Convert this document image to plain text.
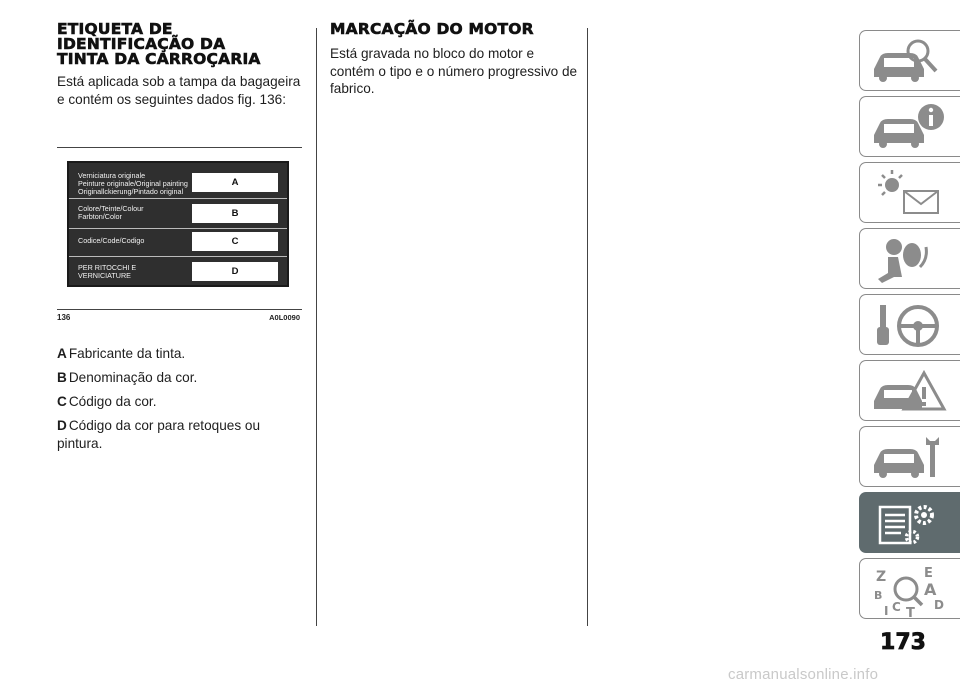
ETIQUETA DE
IDENTIFICAÇÃO DA
TINTA DA CARROÇARIA

Está aplicada sob a tampa da bagageira e contém os seguintes dados fig. 136:

Verniciatura originale
Peinture originale/Original painting
Originallckierung/Pintado original
A
Colore/Teinte/Colour
Farbton/Color	B
Codice/Code/Codigo	C
PER RITOCCHI E
VERNICIATURE	D
136	A0L0090
A Fabricante da tinta.
B Denominação da cor.
C Código da cor.
D Código da cor para retoques ou pintura.
MARCAÇÃO DO MOTOR

Está gravada no bloco do motor e contém o tipo e o número progressivo de fabrico.

Z	E
A
B
D
C T
I
173
carmanualsonline.info
